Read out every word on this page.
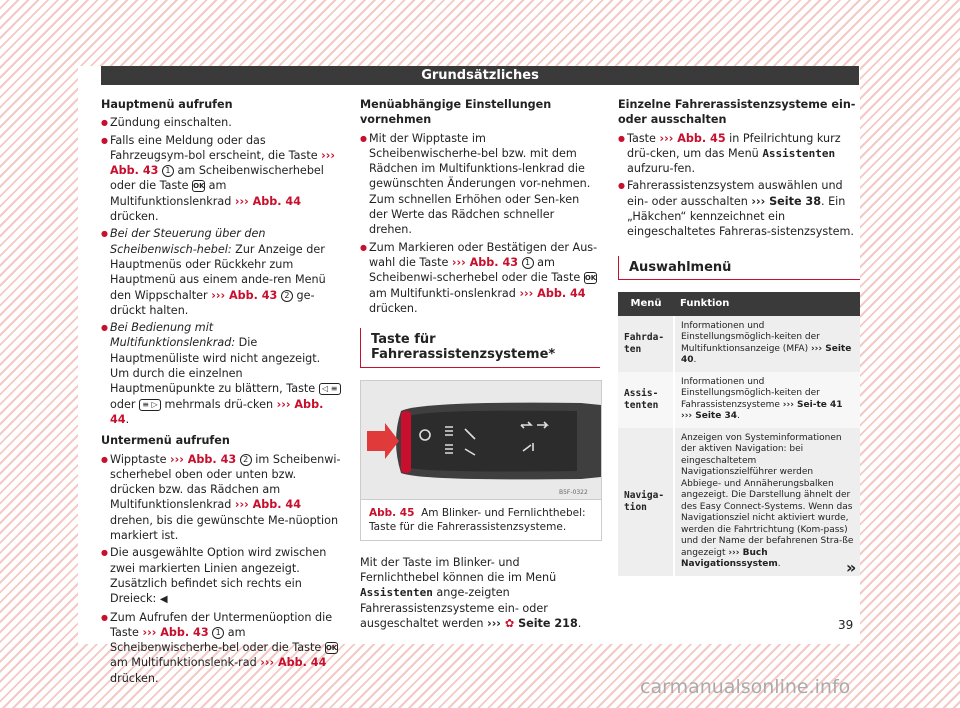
Grundsätzliches
Hauptmenü aufrufen
● Zündung einschalten.
● Falls eine Meldung oder das Fahrzeugsym-bol erscheint, die Taste ››› Abb. 43 1 am Scheibenwischerhebel oder die Taste OK am Multifunktionslenkrad ››› Abb. 44 drücken.
● Bei der Steuerung über den Scheibenwisch-hebel: Zur Anzeige der Hauptmenüs oder Rückkehr zum Hauptmenü aus einem ande-ren Menü den Wippschalter ››› Abb. 43 2 ge-drückt halten.
● Bei Bedienung mit Multifunktionslenkrad: Die Hauptmenüliste wird nicht angezeigt. Um durch die einzelnen Hauptmenüpunkte zu blättern, Taste ◁ ≡ oder ≡ ▷ mehrmals drü-cken ››› Abb. 44.
Untermenü aufrufen
● Wipptaste ››› Abb. 43 2 im Scheibenwi-scherhebel oben oder unten bzw. drücken bzw. das Rädchen am Multifunktionslenkrad ››› Abb. 44 drehen, bis die gewünschte Me-nüoption markiert ist.
● Die ausgewählte Option wird zwischen zwei markierten Linien angezeigt. Zusätzlich befindet sich rechts ein Dreieck: ◀
● Zum Aufrufen der Untermenüoption die Taste ››› Abb. 43 1 am Scheibenwischerhe-bel oder die Taste OK am Multifunktionslenk-rad ››› Abb. 44 drücken.
Menüabhängige Einstellungen vornehmen
● Mit der Wipptaste im Scheibenwischerhe-bel bzw. mit dem Rädchen im Multifunktions-lenkrad die gewünschten Änderungen vor-nehmen. Zum schnellen Erhöhen oder Sen-ken der Werte das Rädchen schneller drehen.
● Zum Markieren oder Bestätigen der Aus-wahl die Taste ››› Abb. 43 1 am Scheibenwi-scherhebel oder die Taste OK am Multifunkti-onslenkrad ››› Abb. 44 drücken.
Taste für Fahrerassistenzsysteme*
B5F-0322
Abb. 45 Am Blinker- und Fernlichthebel: Taste für die Fahrerassistenzsysteme.
Mit der Taste im Blinker- und Fernlichthebel können die im Menü Assistenten ange-zeigten Fahrerassistenzsysteme ein- oder ausgeschaltet werden ››› ✿ Seite 218.
Einzelne Fahrerassistenzsysteme ein- oder ausschalten
● Taste ››› Abb. 45 in Pfeilrichtung kurz drü-cken, um das Menü Assistenten aufzuru-fen.
● Fahrerassistenzsystem auswählen und ein- oder ausschalten ››› Seite 38. Ein „Häkchen“ kennzeichnet ein eingeschaltetes Fahreras-sistenzsystem.
Auswahlmenü
Menü	Funktion
Fahrda-ten	Informationen und Einstellungsmöglich-keiten der Multifunktionsanzeige (MFA) ››› Seite 40.
Assis-tenten	Informationen und Einstellungsmöglich-keiten der Fahrassistenzsysteme ››› Sei-te 41 ››› Seite 34.
Naviga-tion	Anzeigen von Systeminformationen der aktiven Navigation: bei eingeschaltetem Navigationszielführer werden Abbiege- und Annäherungsbalken angezeigt. Die Darstellung ähnelt der des Easy Connect-Systems. Wenn das Navigationsziel nicht aktiviert wurde, werden die Fahrtrichtung (Kom-pass) und der Name der befahrenen Stra-ße angezeigt ››› Buch Navigationssystem.	»
39
carmanualsonline.info
